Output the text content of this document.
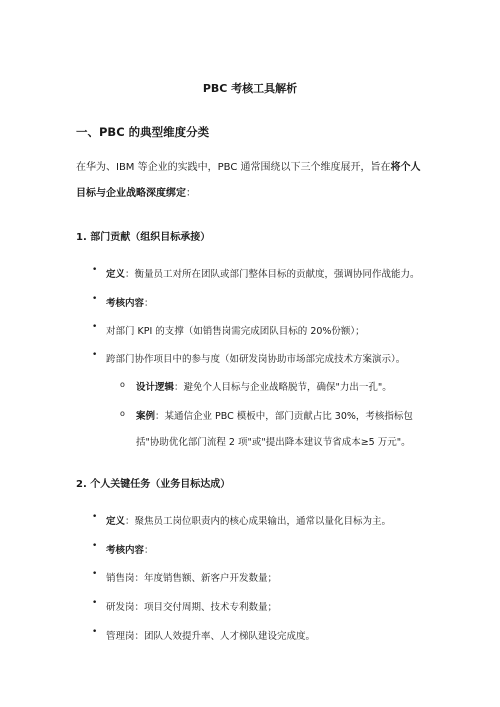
PBC 考核工具解析
一、PBC 的典型维度分类
在华为、IBM 等企业的实践中，PBC 通常围绕以下三个维度展开，旨在将个人
目标与企业战略深度绑定：
1. 部门贡献（组织目标承接）
• 定义：衡量员工对所在团队或部门整体目标的贡献度，强调协同作战能力。
• 考核内容：
• 对部门 KPI 的支撑（如销售岗需完成团队目标的 20%份额）；
• 跨部门协作项目中的参与度（如研发岗协助市场部完成技术方案演示）。
o 设计逻辑：避免个人目标与企业战略脱节，确保"力出一孔"。
o 案例：某通信企业 PBC 模板中，部门贡献占比 30%，考核指标包
括"协助优化部门流程 2 项"或"提出降本建议节省成本≥5 万元"。
2. 个人关键任务（业务目标达成）
• 定义：聚焦员工岗位职责内的核心成果输出，通常以量化目标为主。
• 考核内容：
• 销售岗：年度销售额、新客户开发数量；
• 研发岗：项目交付周期、技术专利数量；
• 管理岗：团队人效提升率、人才梯队建设完成度。
